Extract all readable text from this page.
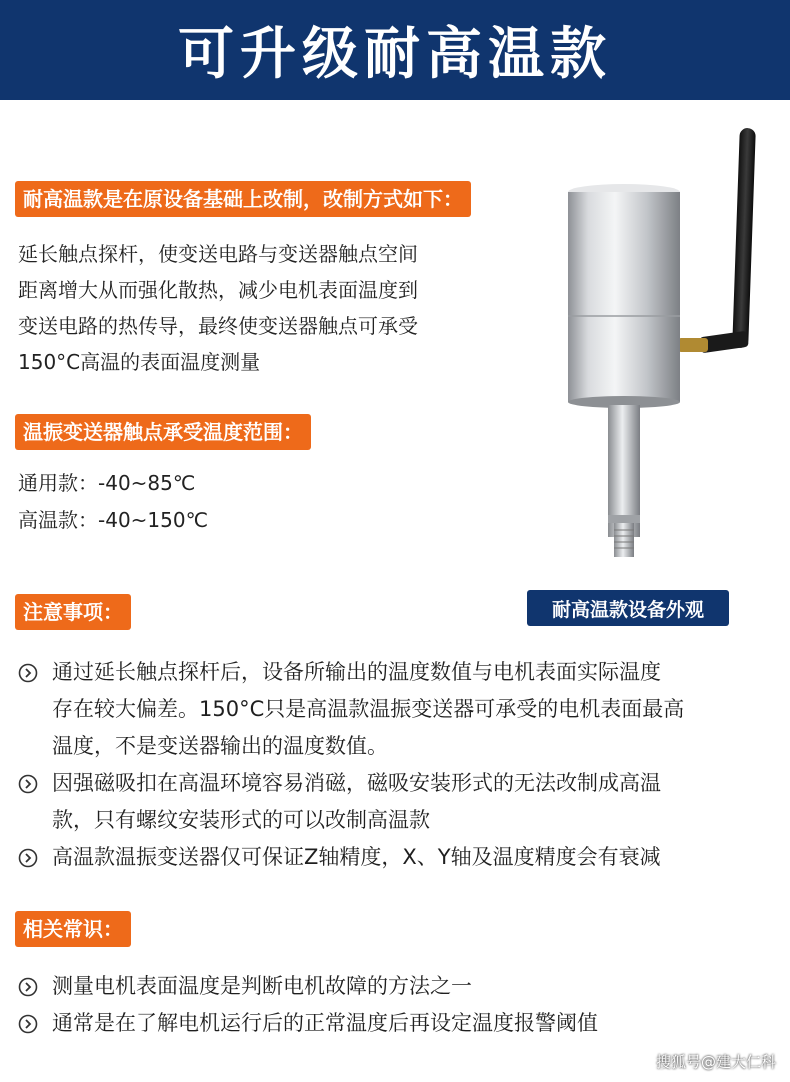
可升级耐高温款
耐高温款是在原设备基础上改制，改制方式如下：
延长触点探杆，使变送电路与变送器触点空间
距离增大从而强化散热，减少电机表面温度到
变送电路的热传导，最终使变送器触点可承受
150°C高温的表面温度测量
温振变送器触点承受温度范围：
通用款：-40~85℃
高温款：-40~150℃
耐高温款设备外观
注意事项：
通过延长触点探杆后，设备所输出的温度数值与电机表面实际温度
存在较大偏差。150°C只是高温款温振变送器可承受的电机表面最高
温度，不是变送器输出的温度数值。
因强磁吸扣在高温环境容易消磁，磁吸安装形式的无法改制成高温
款，只有螺纹安装形式的可以改制高温款
高温款温振变送器仅可保证Z轴精度，X、Y轴及温度精度会有衰减
相关常识：
测量电机表面温度是判断电机故障的方法之一
通常是在了解电机运行后的正常温度后再设定温度报警阈值
搜狐号@建大仁科
